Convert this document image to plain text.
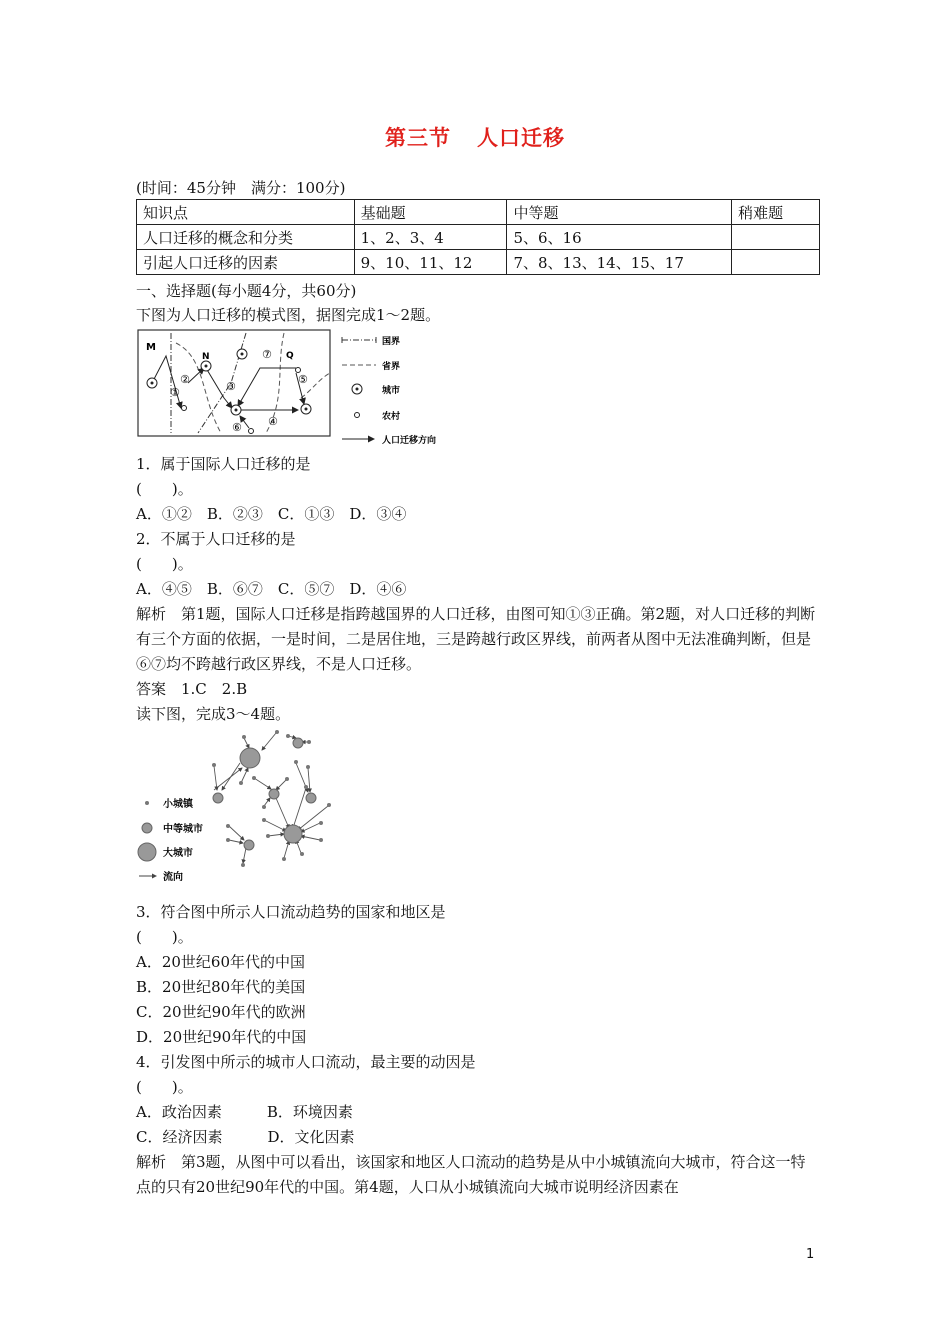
第三节 人口迁移
(时间：45分钟　满分：100分)
知识点	基础题	中等题	稍难题
人口迁移的概念和分类	1、2、3、4	5、6、16	
引起人口迁移的因素	9、10、11、12	7、8、13、14、15、17	
一、选择题(每小题4分，共60分)
下图为人口迁移的模式图，据图完成1～2题。
M
N	Q
①
②
③
④
⑤
⑥
⑦
国界
省界
城市
农村
人口迁移方向
1．属于国际人口迁移的是
(　　)。
A．①②　B．②③　C．①③　D．③④
2．不属于人口迁移的是
(　　)。
A．④⑤　B．⑥⑦　C．⑤⑦　D．④⑥
解析　第1题，国际人口迁移是指跨越国界的人口迁移，由图可知①③正确。第2题，对人口迁移的判断有三个方面的依据，一是时间，二是居住地，三是跨越行政区界线，前两者从图中无法准确判断，但是⑥⑦均不跨越行政区界线，不是人口迁移。
答案　1.C　2.B
读下图，完成3～4题。
小城镇
中等城市
大城市
流向
3．符合图中所示人口流动趋势的国家和地区是
(　　)。
A．20世纪60年代的中国
B．20世纪80年代的美国
C．20世纪90年代的欧洲
D．20世纪90年代的中国
4．引发图中所示的城市人口流动，最主要的动因是
(　　)。
A．政治因素　　　B．环境因素
C．经济因素　　　D．文化因素
解析　第3题，从图中可以看出，该国家和地区人口流动的趋势是从中小城镇流向大城市，符合这一特点的只有20世纪90年代的中国。第4题，人口从小城镇流向大城市说明经济因素在
1
